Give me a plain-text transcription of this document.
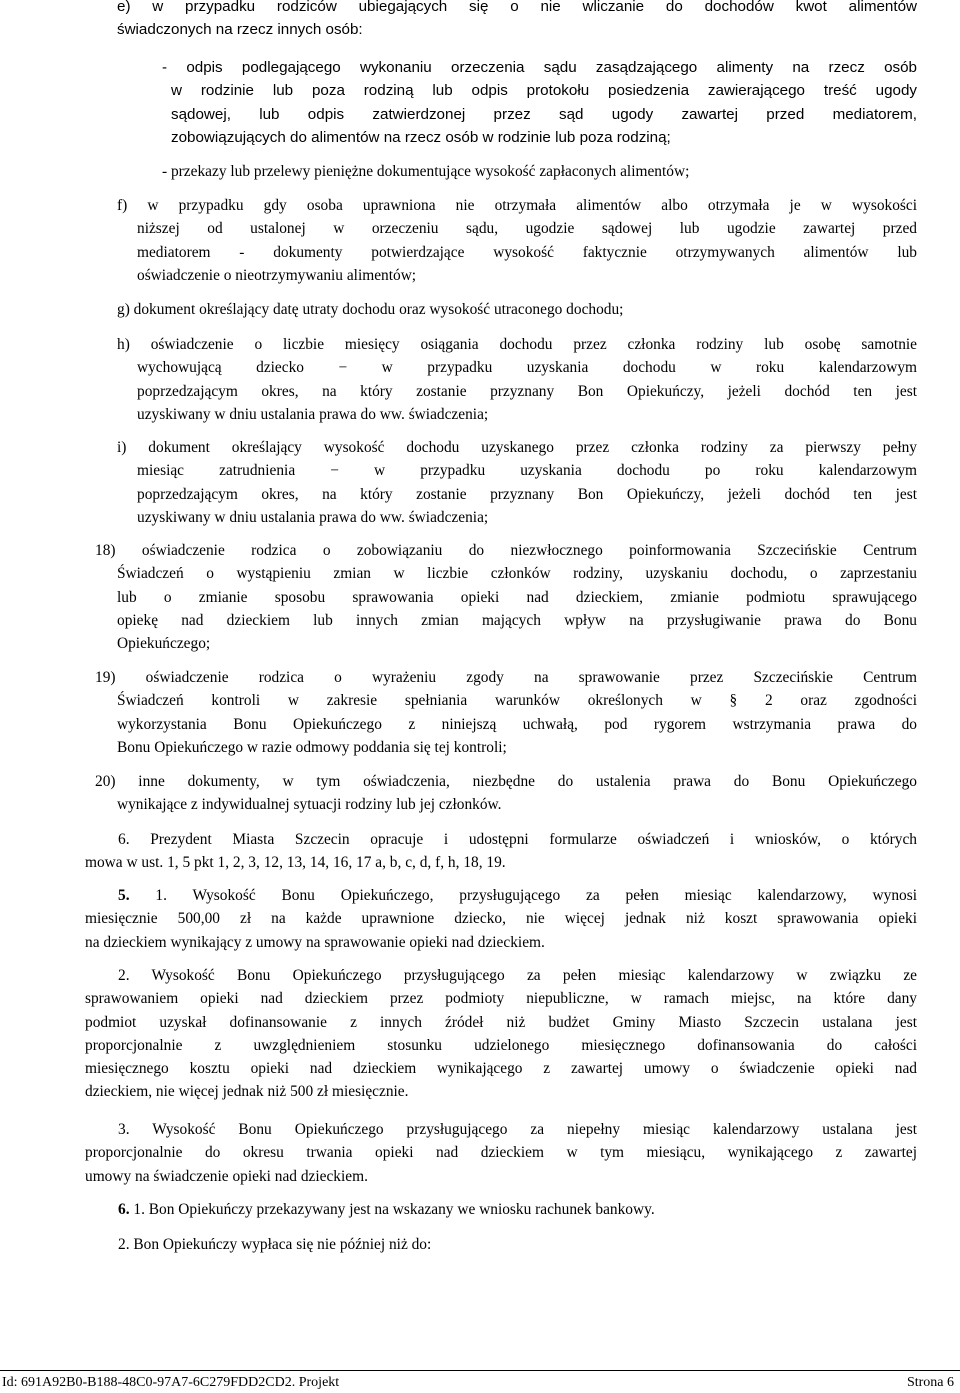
e) w przypadku rodziców ubiegających się o nie wliczanie do dochodów kwot alimentów
świadczonych na rzecz innych osób:
- odpis podlegającego wykonaniu orzeczenia sądu zasądzającego alimenty na rzecz osób
w rodzinie lub poza rodziną lub odpis protokołu posiedzenia zawierającego treść ugody
sądowej, lub odpis zatwierdzonej przez sąd ugody zawartej przed mediatorem,
zobowiązujących do alimentów na rzecz osób w rodzinie lub poza rodziną;
- przekazy lub przelewy pieniężne dokumentujące wysokość zapłaconych alimentów;
f) w przypadku gdy osoba uprawniona nie otrzymała alimentów albo otrzymała je w wysokości
niższej od ustalonej w orzeczeniu sądu, ugodzie sądowej lub ugodzie zawartej przed
mediatorem - dokumenty potwierdzające wysokość faktycznie otrzymywanych alimentów lub
oświadczenie o nieotrzymywaniu alimentów;
g) dokument określający datę utraty dochodu oraz wysokość utraconego dochodu;
h) oświadczenie o liczbie miesięcy osiągania dochodu przez członka rodziny lub osobę samotnie
wychowującą dziecko − w przypadku uzyskania dochodu w roku kalendarzowym
poprzedzającym okres, na który zostanie przyznany Bon Opiekuńczy, jeżeli dochód ten jest
uzyskiwany w dniu ustalania prawa do ww. świadczenia;
i) dokument określający wysokość dochodu uzyskanego przez członka rodziny za pierwszy pełny
miesiąc zatrudnienia − w przypadku uzyskania dochodu po roku kalendarzowym
poprzedzającym okres, na który zostanie przyznany Bon Opiekuńczy, jeżeli dochód ten jest
uzyskiwany w dniu ustalania prawa do ww. świadczenia;
18) oświadczenie rodzica o zobowiązaniu do niezwłocznego poinformowania Szczecińskie Centrum
Świadczeń o wystąpieniu zmian w liczbie członków rodziny, uzyskaniu dochodu, o zaprzestaniu
lub o zmianie sposobu sprawowania opieki nad dzieckiem, zmianie podmiotu sprawującego
opiekę nad dzieckiem lub innych zmian mających wpływ na przysługiwanie prawa do Bonu
Opiekuńczego;
19) oświadczenie rodzica o wyrażeniu zgody na sprawowanie przez Szczecińskie Centrum
Świadczeń kontroli w zakresie spełniania warunków określonych w § 2 oraz zgodności
wykorzystania Bonu Opiekuńczego z niniejszą uchwałą, pod rygorem wstrzymania prawa do
Bonu Opiekuńczego w razie odmowy poddania się tej kontroli;
20) inne dokumenty, w tym oświadczenia, niezbędne do ustalenia prawa do Bonu Opiekuńczego
wynikające z indywidualnej sytuacji rodziny lub jej członków.
6. Prezydent Miasta Szczecin opracuje i udostępni formularze oświadczeń i wniosków, o których
mowa w ust. 1, 5 pkt 1, 2, 3, 12, 13, 14, 16, 17 a, b, c, d, f, h, 18, 19.
5. 1. Wysokość Bonu Opiekuńczego, przysługującego za pełen miesiąc kalendarzowy, wynosi
miesięcznie 500,00 zł na każde uprawnione dziecko, nie więcej jednak niż koszt sprawowania opieki
na dzieckiem wynikający z umowy na sprawowanie opieki nad dzieckiem.
2. Wysokość Bonu Opiekuńczego przysługującego za pełen miesiąc kalendarzowy w związku ze
sprawowaniem opieki nad dzieckiem przez podmioty niepubliczne, w ramach miejsc, na które dany
podmiot uzyskał dofinansowanie z innych źródeł niż budżet Gminy Miasto Szczecin ustalana jest
proporcjonalnie z uwzględnieniem stosunku udzielonego miesięcznego dofinansowania do całości
miesięcznego kosztu opieki nad dzieckiem wynikającego z zawartej umowy o świadczenie opieki nad
dzieckiem, nie więcej jednak niż 500 zł miesięcznie.
3. Wysokość Bonu Opiekuńczego przysługującego za niepełny miesiąc kalendarzowy ustalana jest
proporcjonalnie do okresu trwania opieki nad dzieckiem w tym miesiącu, wynikającego z zawartej
umowy na świadczenie opieki nad dzieckiem.
6. 1. Bon Opiekuńczy przekazywany jest na wskazany we wniosku rachunek bankowy.
2. Bon Opiekuńczy wypłaca się nie później niż do:
Id: 691A92B0-B188-48C0-97A7-6C279FDD2CD2. Projekt	Strona 6
